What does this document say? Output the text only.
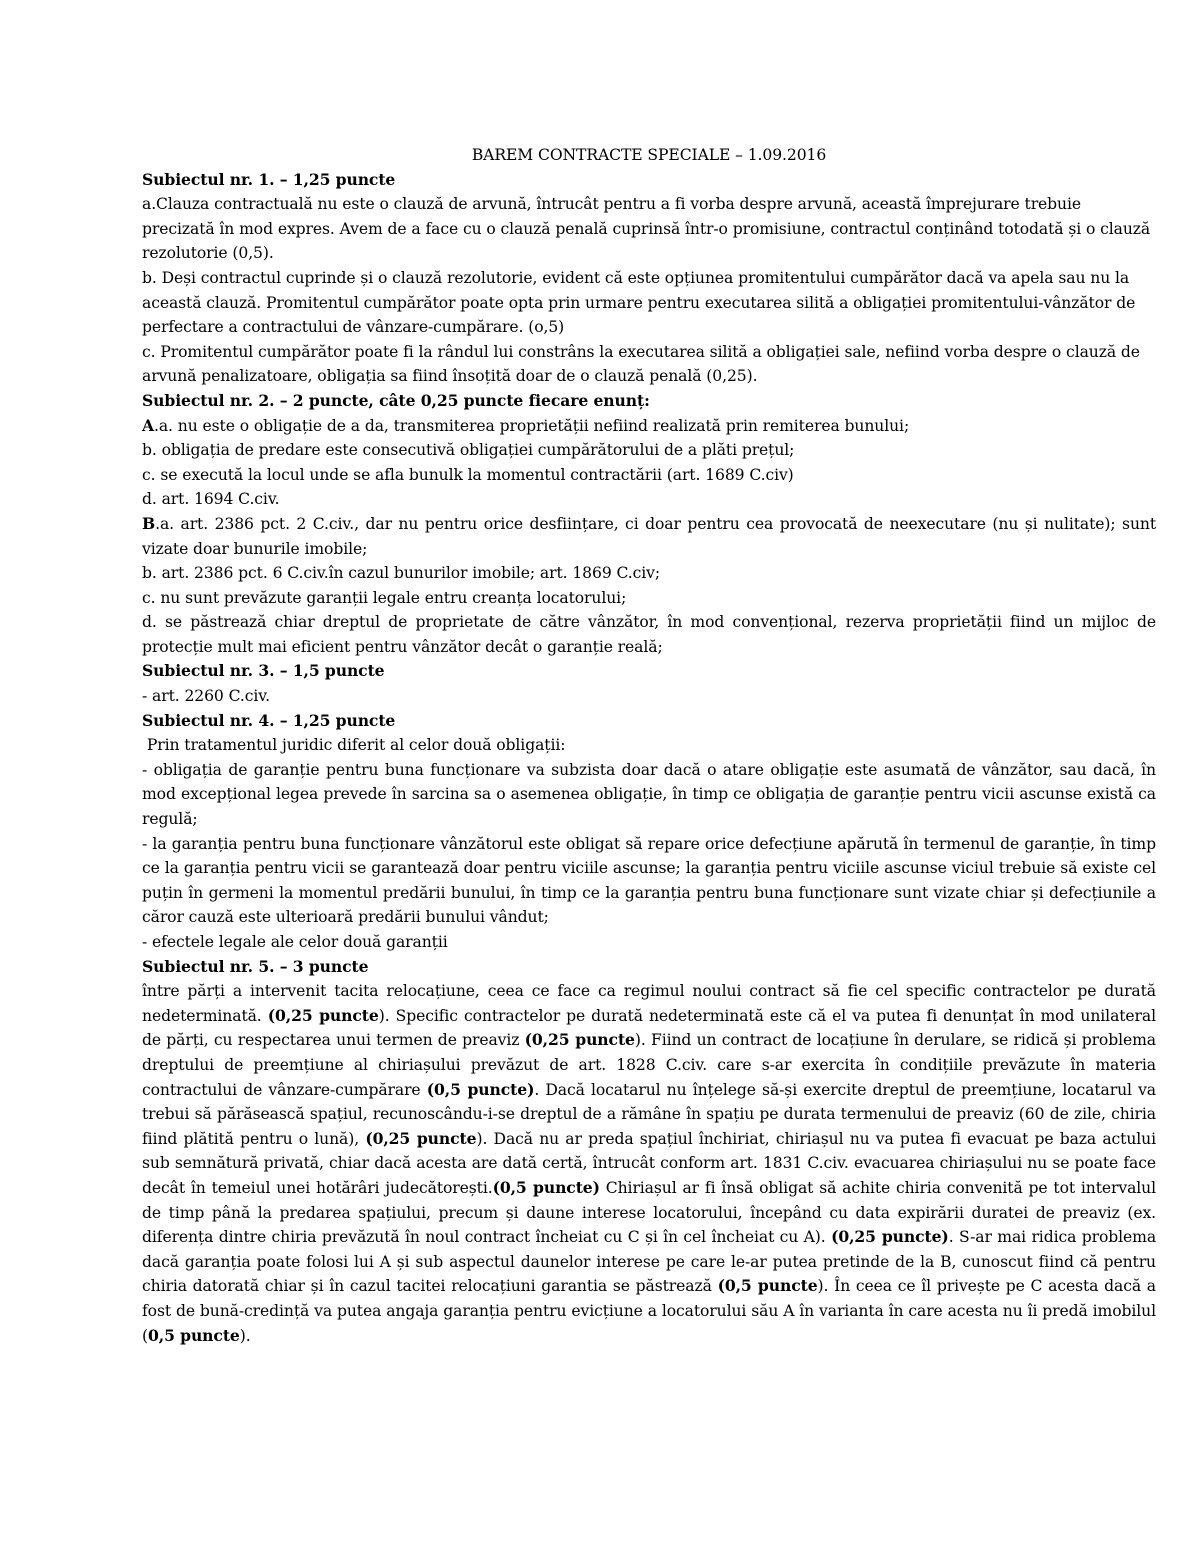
BAREM CONTRACTE SPECIALE – 1.09.2016

Subiectul nr. 1. – 1,25 puncte

a.Clauza contractuală nu este o clauză de arvună, întrucât pentru a fi vorba despre arvună, această împrejurare trebuie precizată în mod expres. Avem de a face cu o clauză penală cuprinsă într-o promisiune, contractul conținând totodată și o clauză rezolutorie (0,5).

b. Deși contractul cuprinde și o clauză rezolutorie, evident că este opțiunea promitentului cumpărător dacă va apela sau nu la această clauză. Promitentul cumpărător poate opta prin urmare pentru executarea silită a obligației promitentului-vânzător de perfectare a contractului de vânzare-cumpărare. (o,5)

c. Promitentul cumpărător poate fi la rândul lui constrâns la executarea silită a obligației sale, nefiind vorba despre o clauză de arvună penalizatoare, obligația sa fiind însoțită doar de o clauză penală (0,25).

Subiectul nr. 2. – 2 puncte, câte 0,25 puncte fiecare enunț:

A.a. nu este o obligație de a da, transmiterea proprietății nefiind realizată prin remiterea bunului;

b. obligația de predare este consecutivă obligației cumpărătorului de a plăti prețul;

c. se execută la locul unde se afla bunulk la momentul contractării (art. 1689 C.civ)

d. art. 1694 C.civ.

B.a. art. 2386 pct. 2 C.civ., dar nu pentru orice desființare, ci doar pentru cea provocată de neexecutare (nu și nulitate); sunt vizate doar bunurile imobile;

b. art. 2386 pct. 6 C.civ.în cazul bunurilor imobile; art. 1869 C.civ;

c. nu sunt prevăzute garanții legale entru creanța locatorului;

d. se păstrează chiar dreptul de proprietate de către vânzător, în mod convențional, rezerva proprietății fiind un mijloc de protecție mult mai eficient pentru vânzător decât o garanție reală;

Subiectul nr. 3. – 1,5 puncte

- art. 2260 C.civ.

Subiectul nr. 4. – 1,25 puncte

Prin tratamentul juridic diferit al celor două obligații:

- obligația de garanție pentru buna funcționare va subzista doar dacă o atare obligație este asumată de vânzător, sau dacă, în mod excepțional legea prevede în sarcina sa o asemenea obligație, în timp ce obligația de garanție pentru vicii ascunse există ca regulă;

- la garanția pentru buna funcționare vânzătorul este obligat să repare orice defecțiune apărută în termenul de garanție, în timp ce la garanția pentru vicii se garantează doar pentru viciile ascunse; la garanția pentru viciile ascunse viciul trebuie să existe cel puțin în germeni la momentul predării bunului, în timp ce la garanția pentru buna funcționare sunt vizate chiar și defecțiunile a căror cauză este ulterioară predării bunului vândut;

- efectele legale ale celor două garanții

Subiectul nr. 5. – 3 puncte

între părți a intervenit tacita relocațiune, ceea ce face ca regimul noului contract să fie cel specific contractelor pe durată nedeterminată. (0,25 puncte). Specific contractelor pe durată nedeterminată este că el va putea fi denunțat în mod unilateral de părți, cu respectarea unui termen de preaviz (0,25 puncte). Fiind un contract de locațiune în derulare, se ridică și problema dreptului de preemțiune al chiriașului prevăzut de art. 1828 C.civ. care s-ar exercita în condițiile prevăzute în materia contractului de vânzare-cumpărare (0,5 puncte). Dacă locatarul nu înțelege să-și exercite dreptul de preemțiune, locatarul va trebui să părăsească spațiul, recunoscându-i-se dreptul de a rămâne în spațiu pe durata termenului de preaviz (60 de zile, chiria fiind plătită pentru o lună), (0,25 puncte). Dacă nu ar preda spațiul închiriat, chiriașul nu va putea fi evacuat pe baza actului sub semnătură privată, chiar dacă acesta are dată certă, întrucât conform art. 1831 C.civ. evacuarea chiriașului nu se poate face decât în temeiul unei hotărâri judecătorești.(0,5 puncte) Chiriașul ar fi însă obligat să achite chiria convenită pe tot intervalul de timp până la predarea spațiului, precum și daune interese locatorului, începând cu data expirării duratei de preaviz (ex. diferența dintre chiria prevăzută în noul contract încheiat cu C și în cel încheiat cu A). (0,25 puncte). S-ar mai ridica problema dacă garanția poate folosi lui A și sub aspectul daunelor interese pe care le-ar putea pretinde de la B, cunoscut fiind că pentru chiria datorată chiar și în cazul tacitei relocațiuni garantia se păstrează (0,5 puncte). În ceea ce îl privește pe C acesta dacă a fost de bună-credință va putea angaja garanția pentru evicțiune a locatorului său A în varianta în care acesta nu îi predă imobilul (0,5 puncte).
